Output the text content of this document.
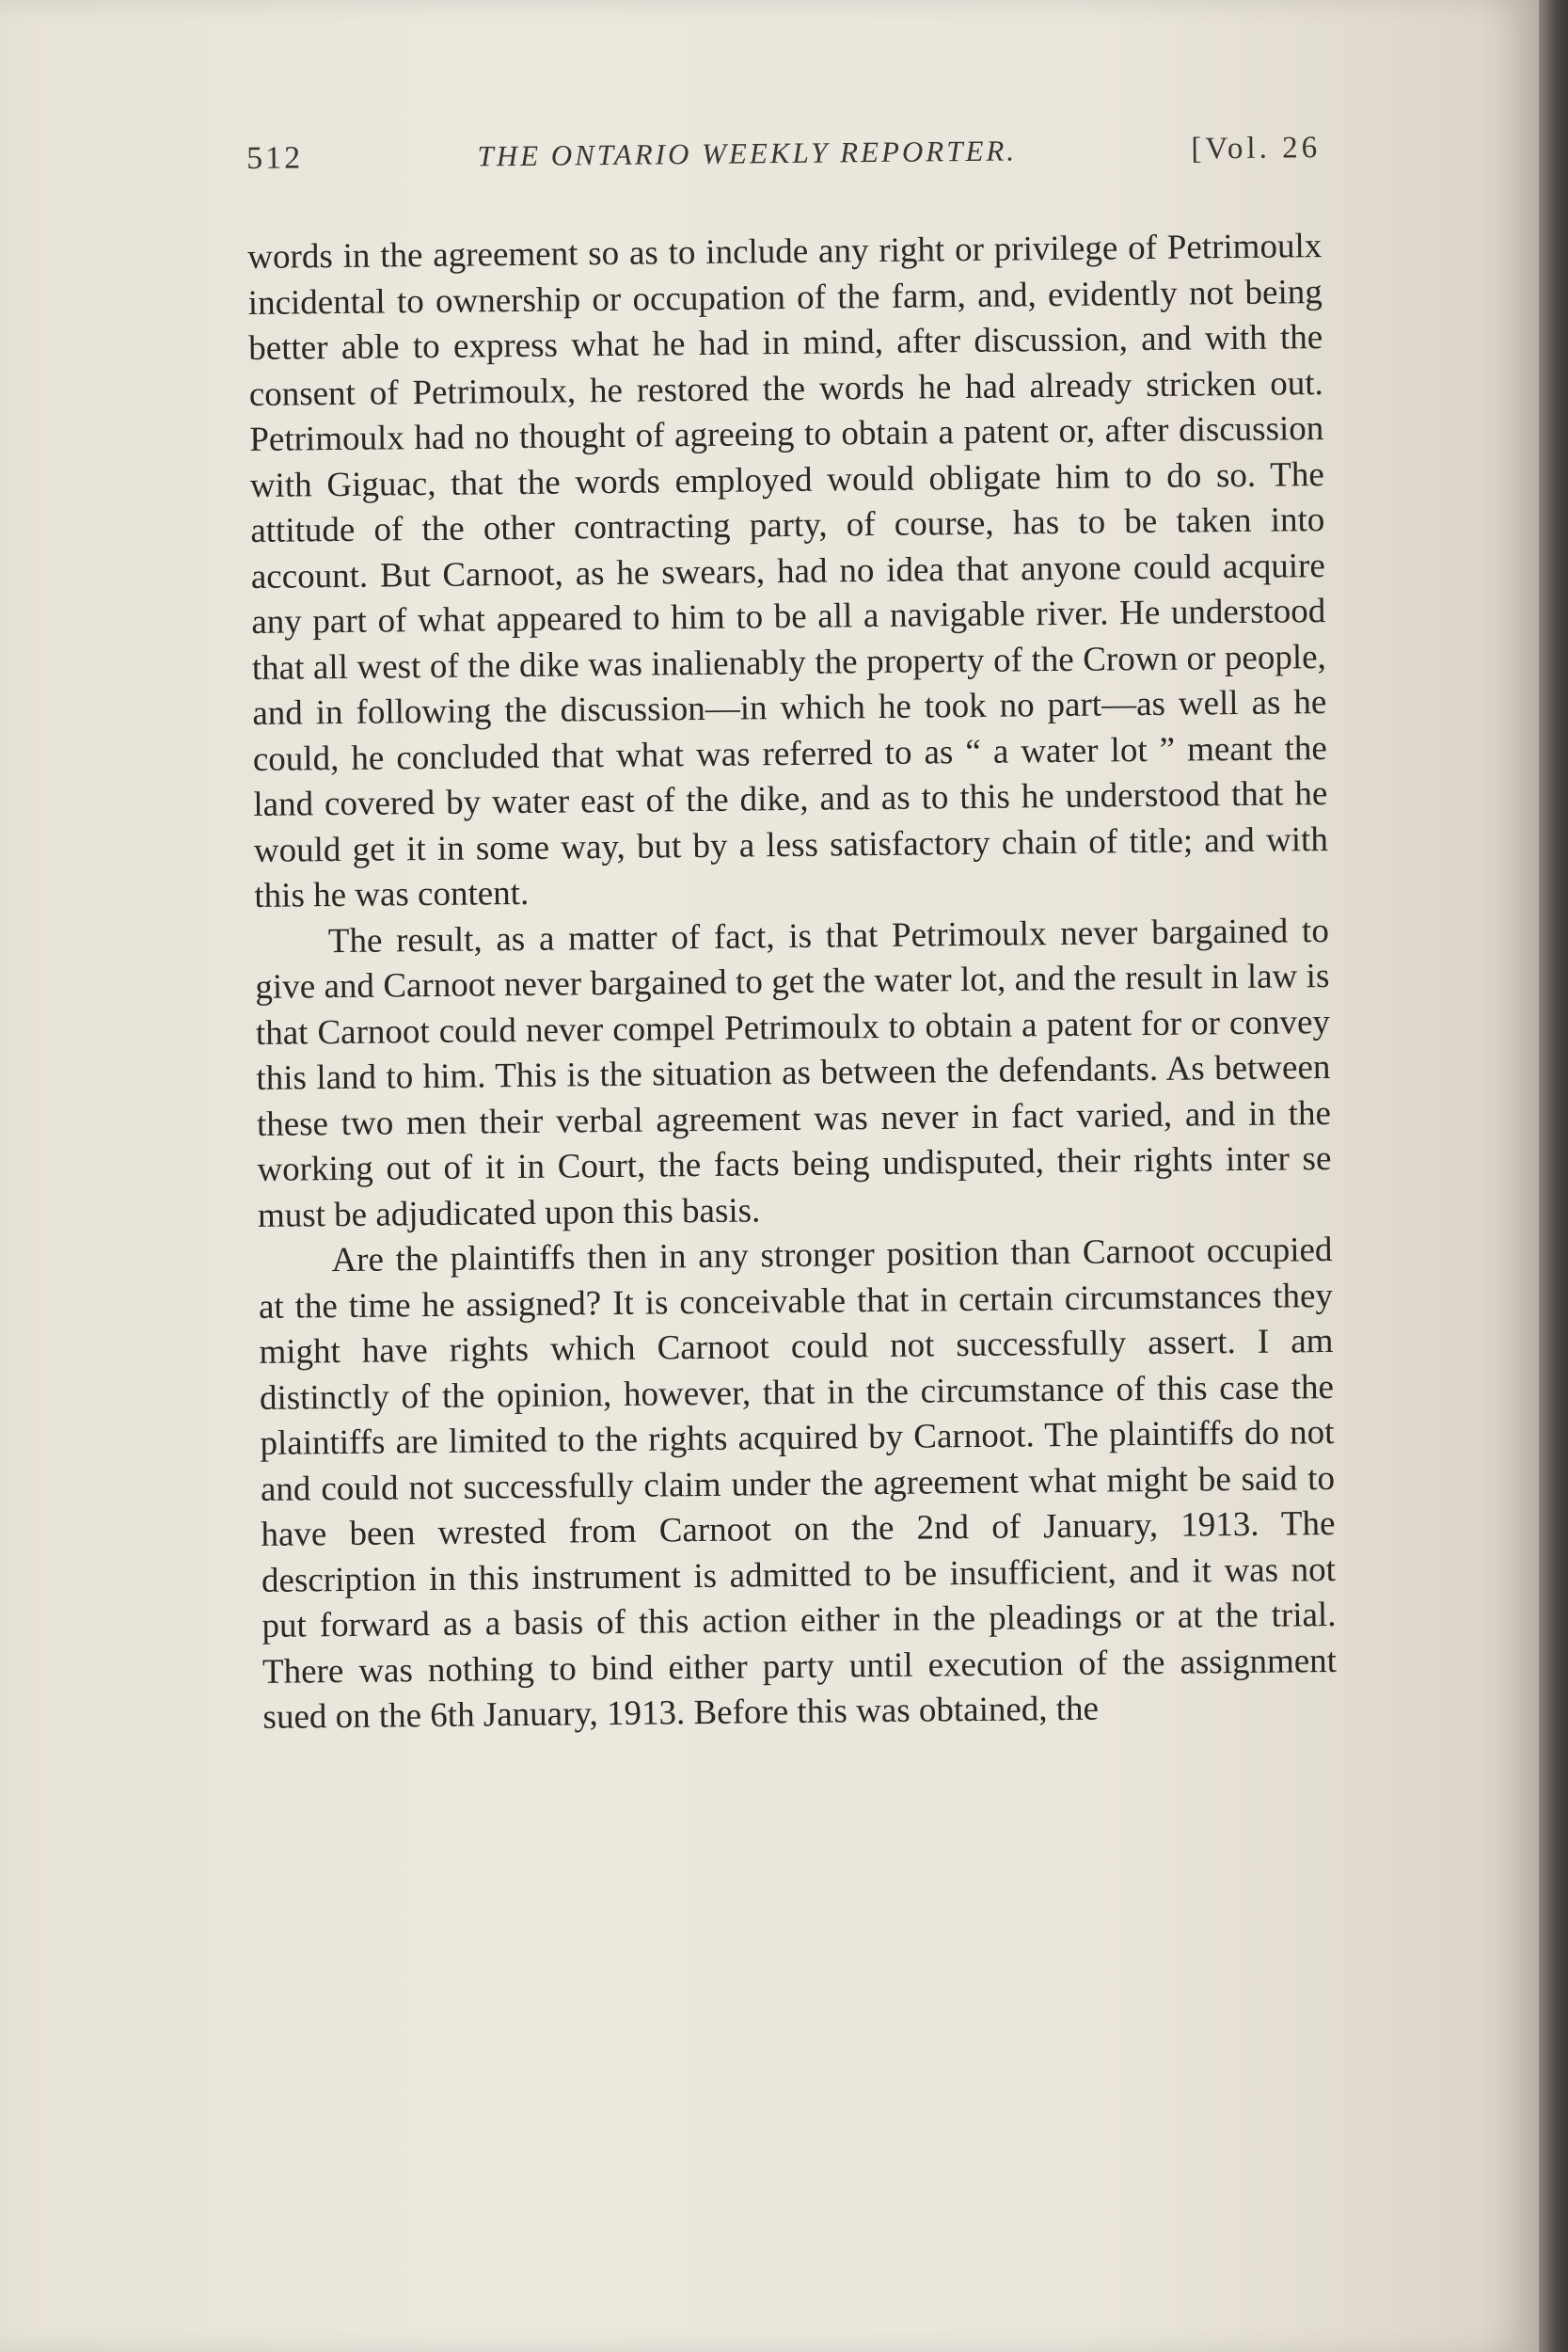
512	THE ONTARIO WEEKLY REPORTER.	[Vol. 26

words in the agreement so as to include any right or privilege of Petrimoulx incidental to ownership or occupation of the farm, and, evidently not being better able to express what he had in mind, after discussion, and with the consent of Petrimoulx, he restored the words he had already stricken out. Petrimoulx had no thought of agreeing to obtain a patent or, after discussion with Giguac, that the words employed would obligate him to do so. The attitude of the other contracting party, of course, has to be taken into account. But Carnoot, as he swears, had no idea that anyone could acquire any part of what appeared to him to be all a navigable river. He understood that all west of the dike was inalienably the property of the Crown or people, and in following the discussion—in which he took no part—as well as he could, he concluded that what was referred to as “ a water lot ” meant the land covered by water east of the dike, and as to this he understood that he would get it in some way, but by a less satisfactory chain of title; and with this he was content.

The result, as a matter of fact, is that Petrimoulx never bargained to give and Carnoot never bargained to get the water lot, and the result in law is that Carnoot could never compel Petrimoulx to obtain a patent for or convey this land to him. This is the situation as between the defendants. As between these two men their verbal agreement was never in fact varied, and in the working out of it in Court, the facts being undisputed, their rights inter se must be adjudicated upon this basis.

Are the plaintiffs then in any stronger position than Carnoot occupied at the time he assigned? It is conceivable that in certain circumstances they might have rights which Carnoot could not successfully assert. I am distinctly of the opinion, however, that in the circumstance of this case the plaintiffs are limited to the rights acquired by Carnoot. The plaintiffs do not and could not successfully claim under the agreement what might be said to have been wrested from Carnoot on the 2nd of January, 1913. The description in this instrument is admitted to be insufficient, and it was not put forward as a basis of this action either in the pleadings or at the trial. There was nothing to bind either party until execution of the assignment sued on the 6th January, 1913. Before this was obtained, the
